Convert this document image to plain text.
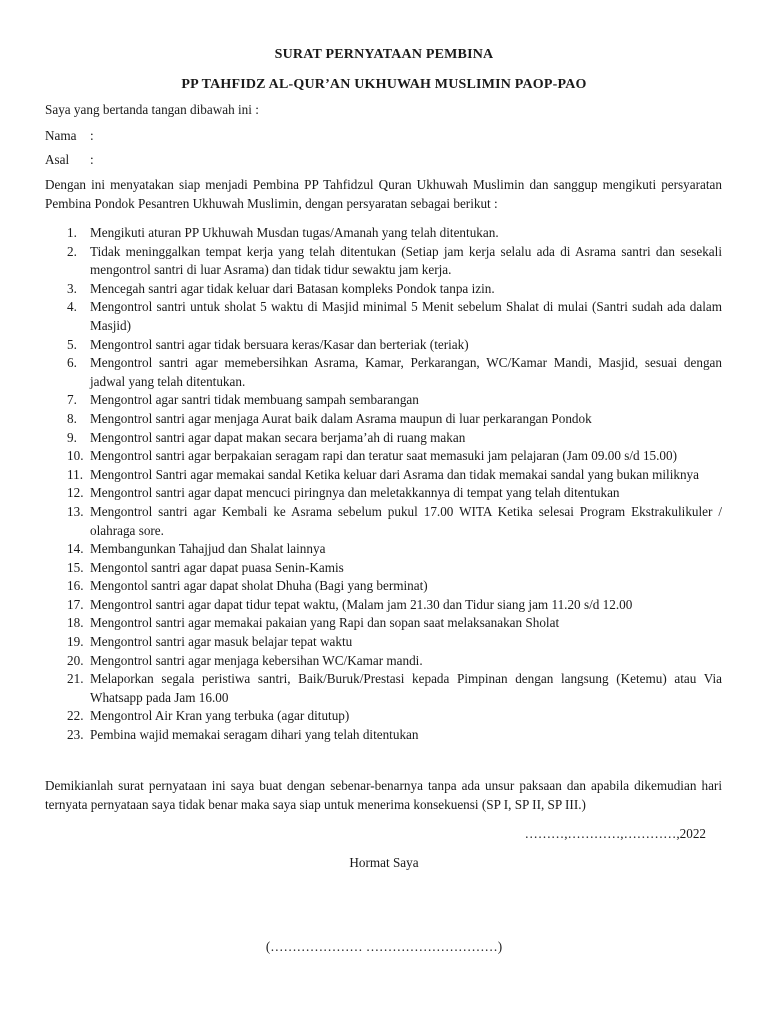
SURAT PERNYATAAN PEMBINA
PP TAHFIDZ AL-QUR’AN UKHUWAH MUSLIMIN PAOP-PAO
Saya yang bertanda tangan dibawah ini :
Nama :
Asal :

Dengan ini menyatakan siap menjadi Pembina PP Tahfidzul Quran Ukhuwah Muslimin dan sanggup mengikuti persyaratan Pembina Pondok Pesantren Ukhuwah Muslimin, dengan persyaratan sebagai berikut :

1. Mengikuti aturan PP Ukhuwah Musdan tugas/Amanah yang telah ditentukan.
2. Tidak meninggalkan tempat kerja yang telah ditentukan (Setiap jam kerja selalu ada di Asrama santri dan sesekali mengontrol santri di luar Asrama) dan tidak tidur sewaktu jam kerja.
3. Mencegah santri agar tidak keluar dari Batasan kompleks Pondok tanpa izin.
4. Mengontrol santri untuk sholat 5 waktu di Masjid minimal 5 Menit sebelum Shalat di mulai (Santri sudah ada dalam Masjid)
5. Mengontrol santri agar tidak bersuara keras/Kasar dan berteriak (teriak)
6. Mengontrol santri agar memebersihkan Asrama, Kamar, Perkarangan, WC/Kamar Mandi, Masjid, sesuai dengan jadwal yang telah ditentukan.
7. Mengontrol agar santri tidak membuang sampah sembarangan
8. Mengontrol santri agar menjaga Aurat baik dalam Asrama maupun di luar perkarangan Pondok
9. Mengontrol santri agar dapat makan secara berjama’ah di ruang makan
10. Mengontrol santri agar berpakaian seragam rapi dan teratur saat memasuki jam pelajaran (Jam 09.00 s/d 15.00)
11. Mengontrol Santri agar memakai sandal Ketika keluar dari Asrama dan tidak memakai sandal yang bukan miliknya
12. Mengontrol santri agar dapat mencuci piringnya dan meletakkannya di tempat yang telah ditentukan
13. Mengontrol santri agar Kembali ke Asrama sebelum pukul 17.00 WITA Ketika selesai Program Ekstrakulikuler / olahraga sore.
14. Membangunkan Tahajjud dan Shalat lainnya
15. Mengontol santri agar dapat puasa Senin-Kamis
16. Mengontol santri agar dapat sholat Dhuha (Bagi yang berminat)
17. Mengontrol santri agar dapat tidur tepat waktu, (Malam jam 21.30 dan Tidur siang jam 11.20 s/d 12.00
18. Mengontrol santri agar memakai pakaian yang Rapi dan sopan saat melaksanakan Sholat
19. Mengontrol santri agar masuk belajar tepat waktu
20. Mengontrol santri agar menjaga kebersihan WC/Kamar mandi.
21. Melaporkan segala peristiwa santri, Baik/Buruk/Prestasi kepada Pimpinan dengan langsung (Ketemu) atau Via Whatsapp pada Jam 16.00
22. Mengontrol Air Kran yang terbuka (agar ditutup)
23. Pembina wajid memakai seragam dihari yang telah ditentukan

Demikianlah surat pernyataan ini saya buat dengan sebenar-benarnya tanpa ada unsur paksaan dan apabila dikemudian hari ternyata pernyataan saya tidak benar maka saya siap untuk menerima konsekuensi (SP I, SP II, SP III.)

………,…………,…………,2022
Hormat Saya
(………………… …………………………)
